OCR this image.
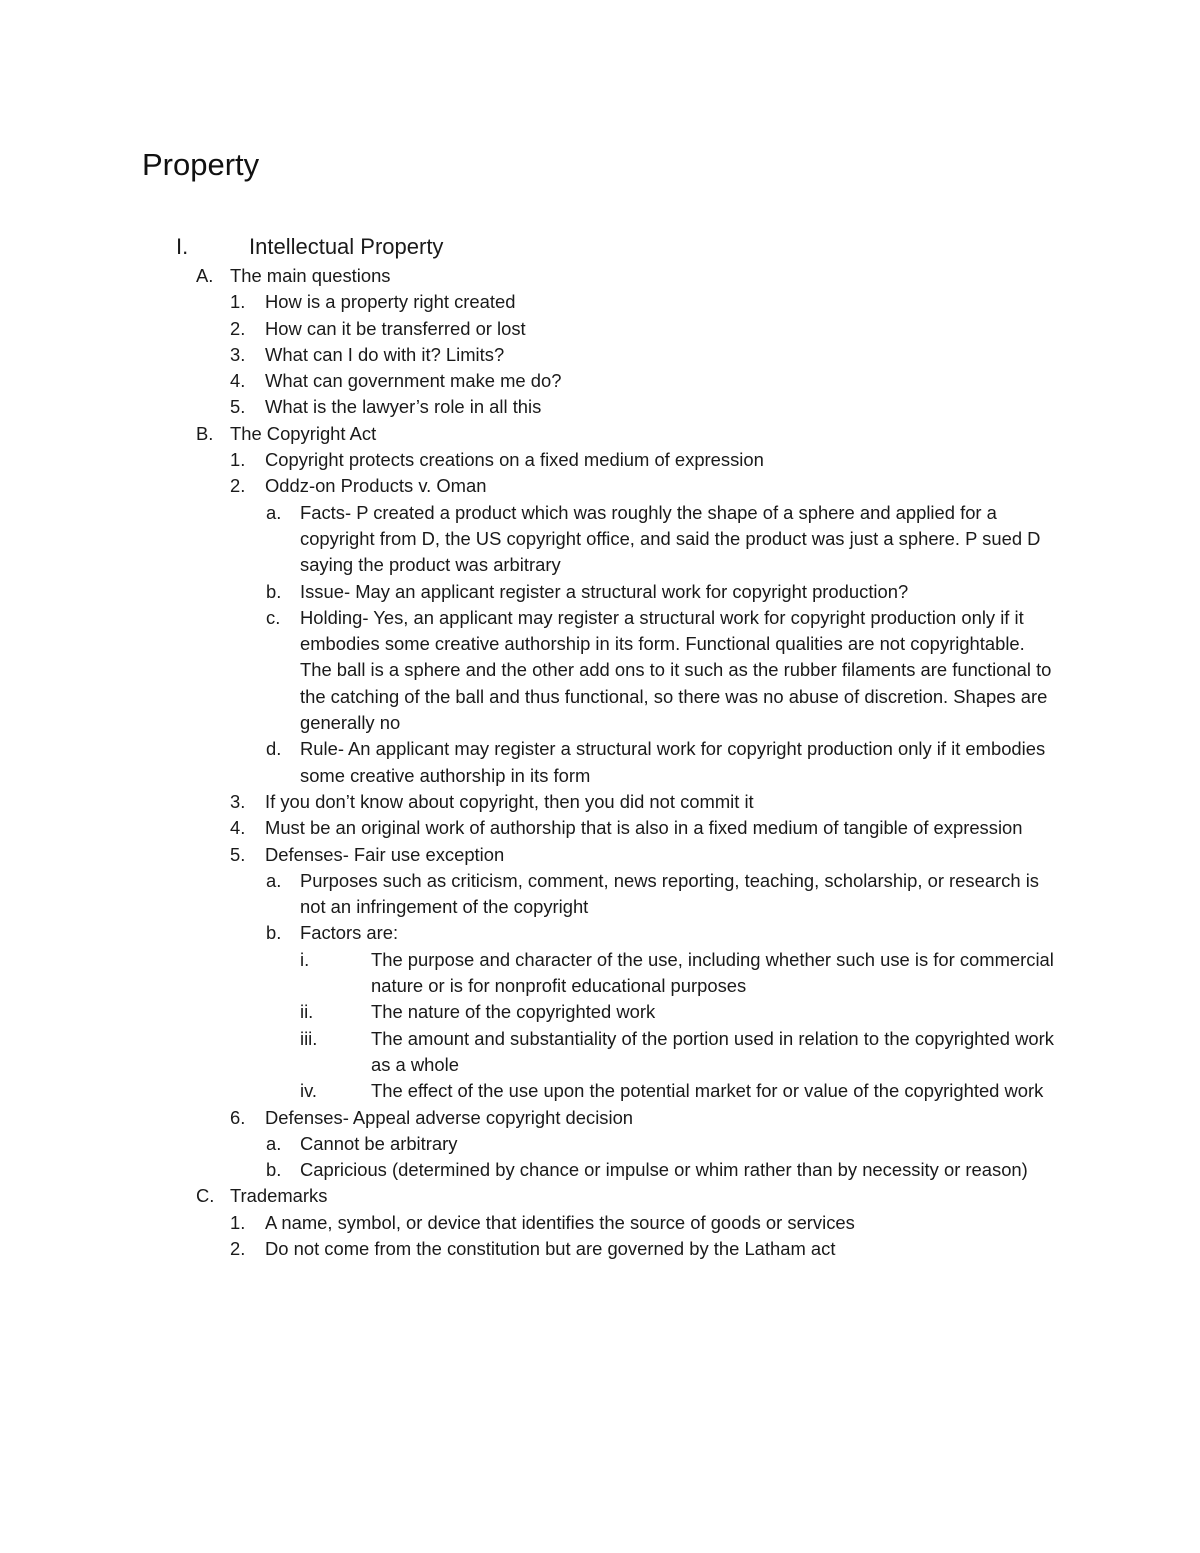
Property
I.	Intellectual Property
A. The main questions
1. How is a property right created
2. How can it be transferred or lost
3. What can I do with it? Limits?
4. What can government make me do?
5. What is the lawyer’s role in all this
B. The Copyright Act
1. Copyright protects creations on a fixed medium of expression
2. Oddz-on Products v. Oman
a. Facts- P created a product which was roughly the shape of a sphere and applied for a copyright from D, the US copyright office, and said the product was just a sphere. P sued D saying the product was arbitrary
b. Issue- May an applicant register a structural work for copyright production?
c. Holding- Yes, an applicant may register a structural work for copyright production only if it embodies some creative authorship in its form. Functional qualities are not copyrightable. The ball is a sphere and the other add ons to it such as the rubber filaments are functional to the catching of the ball and thus functional, so there was no abuse of discretion. Shapes are generally no
d. Rule- An applicant may register a structural work for copyright production only if it embodies some creative authorship in its form
3. If you don’t know about copyright, then you did not commit it
4. Must be an original work of authorship that is also in a fixed medium of tangible of expression
5. Defenses- Fair use exception
a. Purposes such as criticism, comment, news reporting, teaching, scholarship, or research is not an infringement of the copyright
b. Factors are:
i.	The purpose and character of the use, including whether such use is for commercial nature or is for nonprofit educational purposes
ii.	The nature of the copyrighted work
iii.	The amount and substantiality of the portion used in relation to the copyrighted work as a whole
iv.	The effect of the use upon the potential market for or value of the copyrighted work
6. Defenses- Appeal adverse copyright decision
a. Cannot be arbitrary
b. Capricious (determined by chance or impulse or whim rather than by necessity or reason)
C. Trademarks
1. A name, symbol, or device that identifies the source of goods or services
2. Do not come from the constitution but are governed by the Latham act
